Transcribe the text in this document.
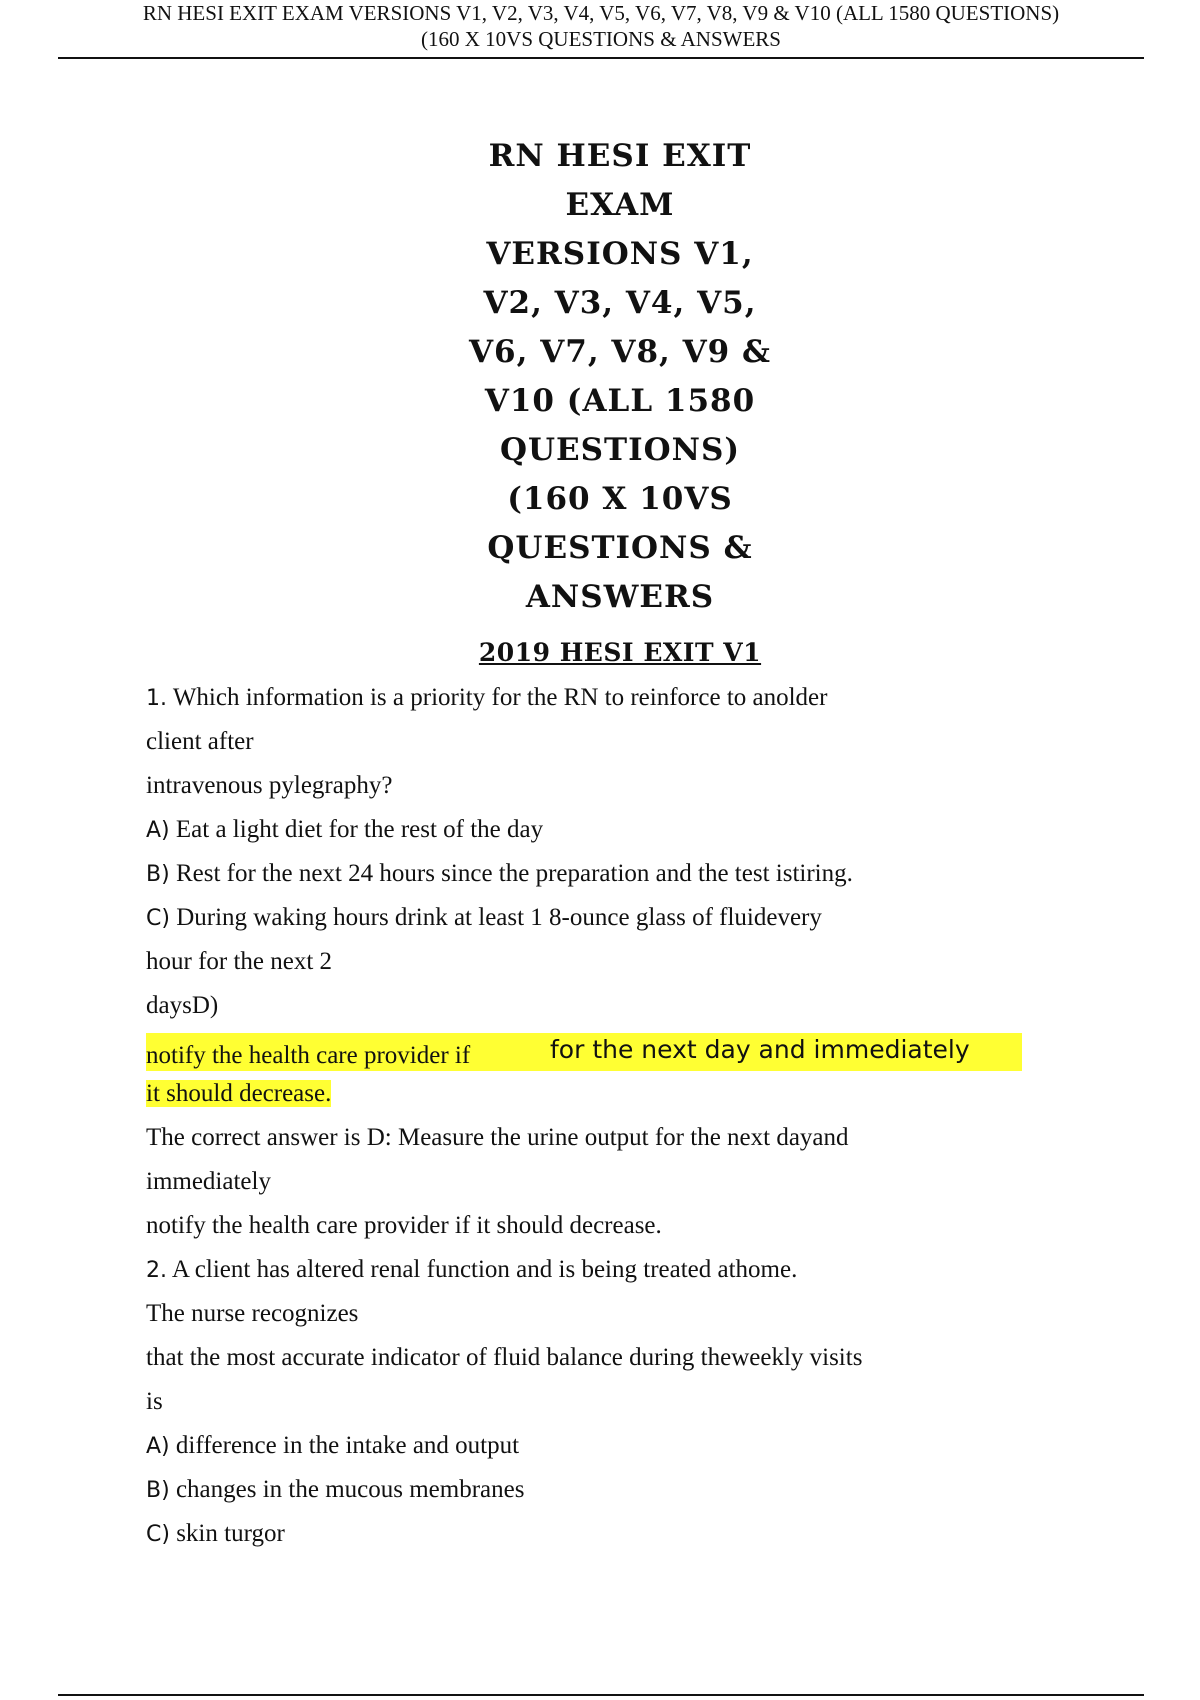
RN HESI EXIT EXAM VERSIONS V1, V2, V3, V4, V5, V6, V7, V8, V9 & V10 (ALL 1580 QUESTIONS)
(160 X 10VS QUESTIONS & ANSWERS
RN HESI EXIT
EXAM
VERSIONS V1,
V2, V3, V4, V5,
V6, V7, V8, V9 &
V10 (ALL 1580
QUESTIONS)
(160 X 10VS
QUESTIONS &
ANSWERS
2019 HESI EXIT V1
1. Which information is a priority for the RN to reinforce to anolder
client after
intravenous pylegraphy?
A) Eat a light diet for the rest of the day
B) Rest for the next 24 hours since the preparation and the test istiring.
C) During waking hours drink at least 1 8-ounce glass of fluidevery
hour for the next 2
daysD)
for the next day and immediately
notify the health care provider if
it should decrease.
The correct answer is D: Measure the urine output for the next dayand
immediately
notify the health care provider if it should decrease.
2. A client has altered renal function and is being treated athome.
The nurse recognizes
that the most accurate indicator of fluid balance during theweekly visits
is
A) difference in the intake and output
B) changes in the mucous membranes
C) skin turgor
